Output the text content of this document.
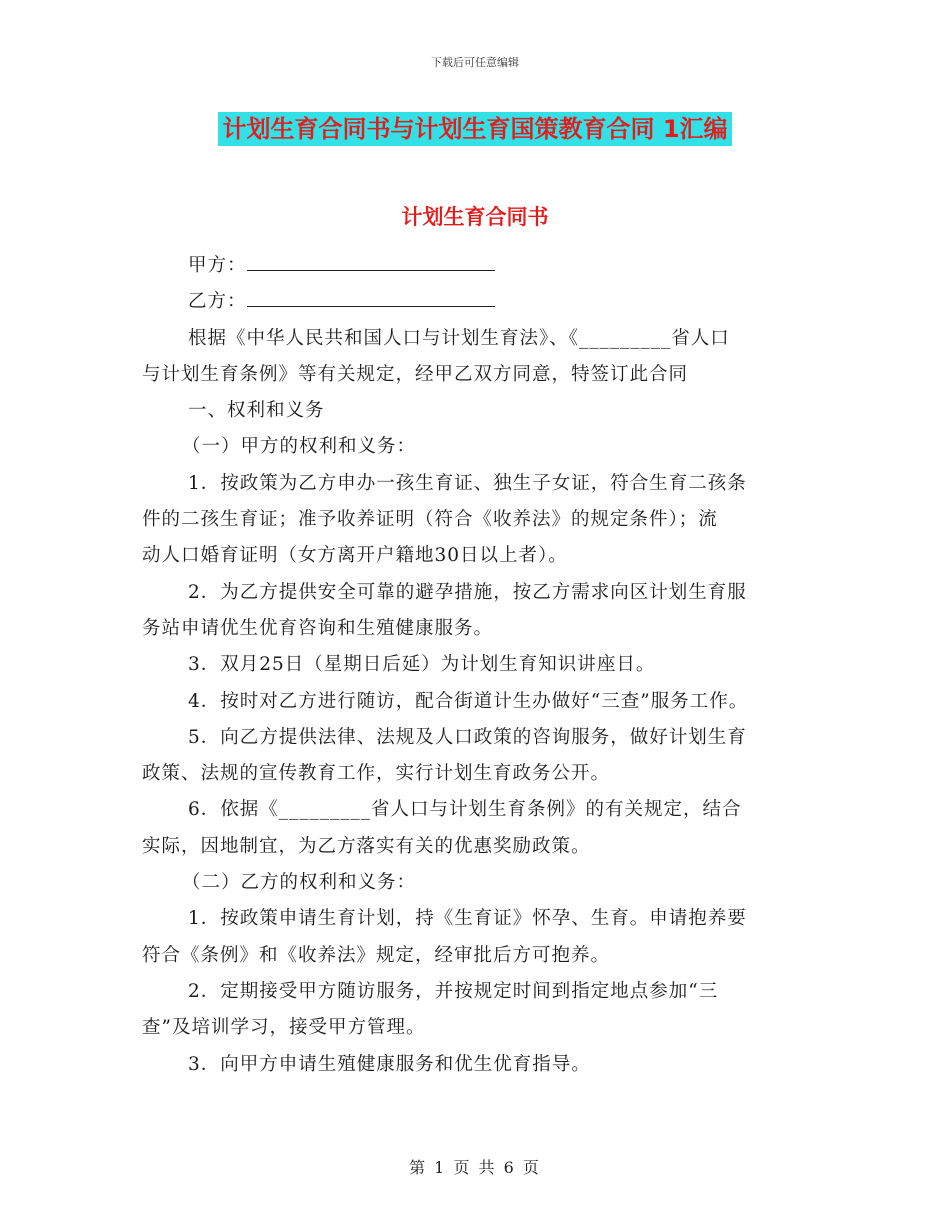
下载后可任意编辑
计划生育合同书与计划生育国策教育合同 1汇编
计划生育合同书

甲方：

乙方：

根据《中华人民共和国人口与计划生育法》、《_________省人口

与计划生育条例》等有关规定，经甲乙双方同意，特签订此合同

一、权利和义务

（一）甲方的权利和义务：

1．按政策为乙方申办一孩生育证、独生子女证，符合生育二孩条

件的二孩生育证；准予收养证明（符合《收养法》的规定条件）；流

动人口婚育证明（女方离开户籍地30日以上者）。

2．为乙方提供安全可靠的避孕措施，按乙方需求向区计划生育服

务站申请优生优育咨询和生殖健康服务。

3．双月25日（星期日后延）为计划生育知识讲座日。

4．按时对乙方进行随访，配合街道计生办做好“三查”服务工作。

5．向乙方提供法律、法规及人口政策的咨询服务，做好计划生育

政策、法规的宣传教育工作，实行计划生育政务公开。

6．依据《_________省人口与计划生育条例》的有关规定，结合

实际，因地制宜，为乙方落实有关的优惠奖励政策。

（二）乙方的权利和义务：

1．按政策申请生育计划，持《生育证》怀孕、生育。申请抱养要

符合《条例》和《收养法》规定，经审批后方可抱养。

2．定期接受甲方随访服务，并按规定时间到指定地点参加“三

查”及培训学习，接受甲方管理。

3．向甲方申请生殖健康服务和优生优育指导。

第 1 页 共 6 页
